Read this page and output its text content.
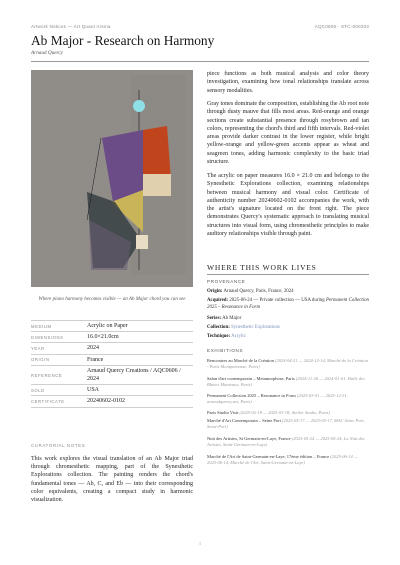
Artwork Notices — Art Quant Arsma	AQC0606 · STC-000203
Ab Major - Research on Harmony
Arnaud Quercy
Where piano harmony becomes visible — an Ab Major chord you can see
MEDIUM	Acrylic on Paper
DIMENSIONS	16.0×21.0cm
YEAR	2024
ORIGIN	France
REFERENCE	Arnaud Quercy Creations / AQC0606 / 2024
SOLD	USA
CERTIFICATE	20240602-0102
CURATORIAL NOTES

This work explores the visual translation of an Ab Major triad through chromesthetic mapping, part of the Synesthetic Explorations collection. The painting renders the chord's fundamental tones — Ab, C, and Eb — into their corresponding color equivalents, creating a compact study in harmonic visualization.

piece functions as both musical analysis and color theory investigation, examining how tonal relationships translate across sensory modalities.

Gray tones dominate the composition, establishing the Ab root note through dusty mauve that fills most areas. Red-orange and orange sections create substantial presence through rosybrown and tan colors, representing the chord's third and fifth intervals. Red-violet areas provide darker contrast in the lower register, while bright yellow-orange and yellow-green accents appear as wheat and seagreen tones, adding harmonic complexity to the basic triad structure.

The acrylic on paper measures 16.0 × 21.0 cm and belongs to the Synesthetic Explorations collection, examining relationships between musical harmony and visual color. Certificate of authenticity number 20240602-0102 accompanies the work, with the artist's signature located on the front right. The piece demonstrates Quercy's systematic approach to translating musical structures into visual form, using chromesthetic principles to make auditory relationships visible through paint.

WHERE THIS WORK LIVES
PROVENANCE
Origin: Arnaud Quercy, Paris, France, 2024
Acquired: 2025-06-24 — Private collection — USA during Permanent Collection 2025 – Resonance in Form
Series: Ab Major
Collection: Synesthetic Explorations
Technique: Acrylic
EXHIBITIONS
Rencontres au Marché de la Création (2024-04-21 — 2024-12-14, Marché de la Création - Paris Montparnasse, Paris)
Salon d'art contemporain – Metamorphose, Paris (2024-11-26 — 2024-01-01, Halle des Blancs Manteaux, Paris)
Permanent Collection 2025 – Resonance in Form (2025-03-01 — 2025-12-31, arnaudquercy.art, Paris)
Paris Studio Visit (2025-02-18 — 2025-03-18, Atelier Studio, Paris)
Marché d'Art Contemporain – Seine Port (2025-05-17 — 2025-05-17, MAC Seine Port, Seine-Port)
Nuit des Artistes, St Germain-en-Laye, France (2025-05-24 — 2025-05-24, La Nuit des Artistes, Saint-Germain-en-Laye)
Marché de l'Art de Saint-Germain-en-Laye, 17ème édition – France (2025-06-14 — 2025-06-14, Marché de l'Art, Saint-Germain-en-Laye)
1
